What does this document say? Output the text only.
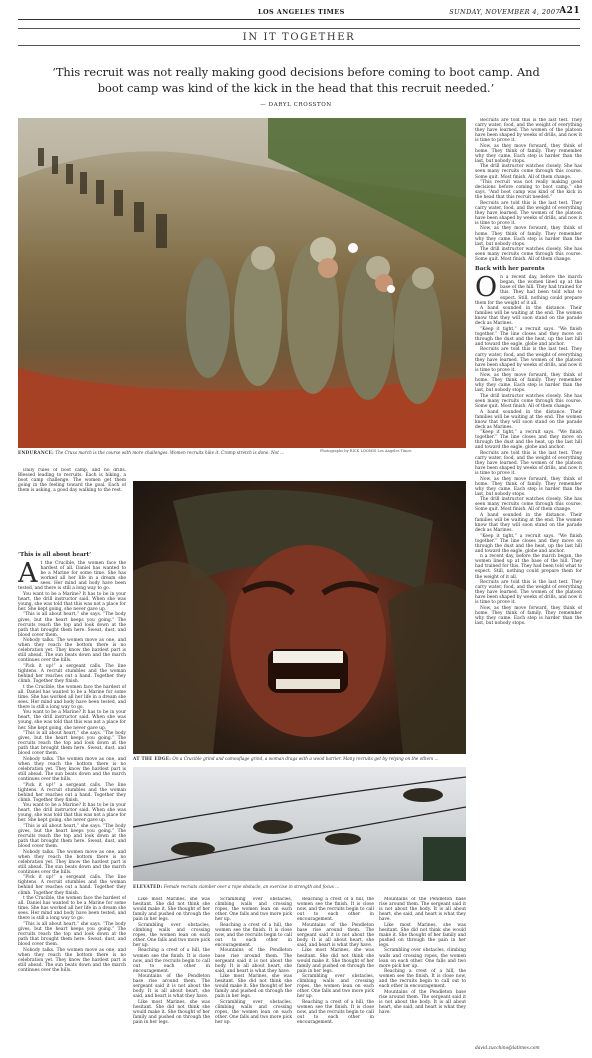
LOS ANGELES TIMES	SUNDAY, NOVEMBER 4, 2007 A21
IN IT TOGETHER
‘This recruit was not really making good decisions before coming to boot camp. And boot camp was kind of the kick in the head that this recruit needed.’
— DARYL CROSSTON
ENDURANCE: The Cruxs march is the course with more challenges. Women recruits hike it. Cramp stretch is done. Not ...	Photographs by RICK LOOMIS Los Angeles Times

Daily rules of boot camp, and no drills. Blessed leading to recruits. Each is hiking, a boot camp challenge. The women get them going in the feeling toward the goal. Each of them is asking, a good day walking to the rest.

‘This is all about heart’

At the Crucible, the women face the hardest of all. Daniel has wanted to be a Marine for some time. She has worked all her life in a dream she sees. Her mind and body have been tested, and there is still a long way to go.

You want to be a Marine? It has to be in your heart, the drill instructor said. When she was young, she was told that this was not a place for her. She kept going, she never gave up.

“This is all about heart,” she says. “The body gives, but the heart keeps you going.” The recruits reach the top and look down at the path that brought them here. Sweat, dust, and blood cover them.

Nobody talks. The women move as one, and when they reach the bottom there is no celebration yet. They know the hardest part is still ahead. The sun beats down and the march continues over the hills.

“Pick it up!” a sergeant calls. The line tightens. A recruit stumbles and the woman behind her reaches out a hand. Together they climb. Together they finish.

t the Crucible, the women face the hardest of all. Daniel has wanted to be a Marine for some time. She has worked all her life in a dream she sees. Her mind and body have been tested, and there is still a long way to go.

You want to be a Marine? It has to be in your heart, the drill instructor said. When she was young, she was told that this was not a place for her. She kept going, she never gave up.

“This is all about heart,” she says. “The body gives, but the heart keeps you going.” The recruits reach the top and look down at the path that brought them here. Sweat, dust, and blood cover them.

Nobody talks. The women move as one, and when they reach the bottom there is no celebration yet. They know the hardest part is still ahead. The sun beats down and the march continues over the hills.

“Pick it up!” a sergeant calls. The line tightens. A recruit stumbles and the woman behind her reaches out a hand. Together they climb. Together they finish.

You want to be a Marine? It has to be in your heart, the drill instructor said. When she was young, she was told that this was not a place for her. She kept going, she never gave up.

“This is all about heart,” she says. “The body gives, but the heart keeps you going.” The recruits reach the top and look down at the path that brought them here. Sweat, dust, and blood cover them.

Nobody talks. The women move as one, and when they reach the bottom there is no celebration yet. They know the hardest part is still ahead. The sun beats down and the march continues over the hills.

“Pick it up!” a sergeant calls. The line tightens. A recruit stumbles and the woman behind her reaches out a hand. Together they climb. Together they finish.

t the Crucible, the women face the hardest of all. Daniel has wanted to be a Marine for some time. She has worked all her life in a dream she sees. Her mind and body have been tested, and there is still a long way to go.

“This is all about heart,” she says. “The body gives, but the heart keeps you going.” The recruits reach the top and look down at the path that brought them here. Sweat, dust, and blood cover them.

Nobody talks. The women move as one, and when they reach the bottom there is no celebration yet. They know the hardest part is still ahead. The sun beats down and the march continues over the hills.

AT THE EDGE: On a Crucible grind and camouflage grind, a woman drags with a wood barrier. Many recruits get by relying on the others ...
ELEVATED: Female recruits clamber over a rope obstacle, an exercise in strength and focus ...

Recruits are told this is the last test. They carry water, food, and the weight of everything they have learned. The women of the platoon have been shaped by weeks of drills, and now it is time to prove it.

Now, as they move forward, they think of home. They think of family. They remember why they came. Each step is harder than the last, but nobody stops.

The drill instructor watches closely. She has seen many recruits come through this course. Some quit. Most finish. All of them change.

“This recruit was not really making good decisions before coming to boot camp,” she says. “And boot camp was kind of the kick in the head that this recruit needed.”

Recruits are told this is the last test. They carry water, food, and the weight of everything they have learned. The women of the platoon have been shaped by weeks of drills, and now it is time to prove it.

Now, as they move forward, they think of home. They think of family. They remember why they came. Each step is harder than the last, but nobody stops.

The drill instructor watches closely. She has seen many recruits come through this course. Some quit. Most finish. All of them change.

Back with her parents

On a recent day, before the march began, the women lined up at the base of the hill. They had trained for this. They had been told what to expect. Still, nothing could prepare them for the weight of it all.

A band sounded in the distance. Their families will be waiting at the end. The women know that they will soon stand on the parade deck as Marines.

“Keep it tight,” a recruit says. “We finish together.” The line closes and they move on through the dust and the heat, up the last hill and toward the eagle, globe and anchor.

Recruits are told this is the last test. They carry water, food, and the weight of everything they have learned. The women of the platoon have been shaped by weeks of drills, and now it is time to prove it.

Now, as they move forward, they think of home. They think of family. They remember why they came. Each step is harder than the last, but nobody stops.

The drill instructor watches closely. She has seen many recruits come through this course. Some quit. Most finish. All of them change.

A band sounded in the distance. Their families will be waiting at the end. The women know that they will soon stand on the parade deck as Marines.

“Keep it tight,” a recruit says. “We finish together.” The line closes and they move on through the dust and the heat, up the last hill and toward the eagle, globe and anchor.

Recruits are told this is the last test. They carry water, food, and the weight of everything they have learned. The women of the platoon have been shaped by weeks of drills, and now it is time to prove it.

Now, as they move forward, they think of home. They think of family. They remember why they came. Each step is harder than the last, but nobody stops.

The drill instructor watches closely. She has seen many recruits come through this course. Some quit. Most finish. All of them change.

A band sounded in the distance. Their families will be waiting at the end. The women know that they will soon stand on the parade deck as Marines.

“Keep it tight,” a recruit says. “We finish together.” The line closes and they move on through the dust and the heat, up the last hill and toward the eagle, globe and anchor.

n a recent day, before the march began, the women lined up at the base of the hill. They had trained for this. They had been told what to expect. Still, nothing could prepare them for the weight of it all.

Recruits are told this is the last test. They carry water, food, and the weight of everything they have learned. The women of the platoon have been shaped by weeks of drills, and now it is time to prove it.

Now, as they move forward, they think of home. They think of family. They remember why they came. Each step is harder than the last, but nobody stops.

david.zucchino@latimes.com

Like most Marines, she was hesitant. She did not think she would make it. She thought of her family and pushed on through the pain in her legs.

Scrambling over obstacles, climbing walls and crossing ropes, the women lean on each other. One falls and two more pick her up.

Reaching a crest of a hill, the women see the finish. It is close now, and the recruits begin to call out to each other in encouragement.

Mountains of the Pendleton base rise around them. The sergeant said it is not about the body. It is all about heart, she said, and heart is what they have.

Like most Marines, she was hesitant. She did not think she would make it. She thought of her family and pushed on through the pain in her legs.

Scrambling over obstacles, climbing walls and crossing ropes, the women lean on each other. One falls and two more pick her up.

Reaching a crest of a hill, the women see the finish. It is close now, and the recruits begin to call out to each other in encouragement.

Mountains of the Pendleton base rise around them. The sergeant said it is not about the body. It is all about heart, she said, and heart is what they have.

Like most Marines, she was hesitant. She did not think she would make it. She thought of her family and pushed on through the pain in her legs.

Scrambling over obstacles, climbing walls and crossing ropes, the women lean on each other. One falls and two more pick her up.

Reaching a crest of a hill, the women see the finish. It is close now, and the recruits begin to call out to each other in encouragement.

Mountains of the Pendleton base rise around them. The sergeant said it is not about the body. It is all about heart, she said, and heart is what they have.

Like most Marines, she was hesitant. She did not think she would make it. She thought of her family and pushed on through the pain in her legs.

Scrambling over obstacles, climbing walls and crossing ropes, the women lean on each other. One falls and two more pick her up.

Reaching a crest of a hill, the women see the finish. It is close now, and the recruits begin to call out to each other in encouragement.

Mountains of the Pendleton base rise around them. The sergeant said it is not about the body. It is all about heart, she said, and heart is what they have.

Like most Marines, she was hesitant. She did not think she would make it. She thought of her family and pushed on through the pain in her legs.

Scrambling over obstacles, climbing walls and crossing ropes, the women lean on each other. One falls and two more pick her up.

Reaching a crest of a hill, the women see the finish. It is close now, and the recruits begin to call out to each other in encouragement.

Mountains of the Pendleton base rise around them. The sergeant said it is not about the body. It is all about heart, she said, and heart is what they have.
